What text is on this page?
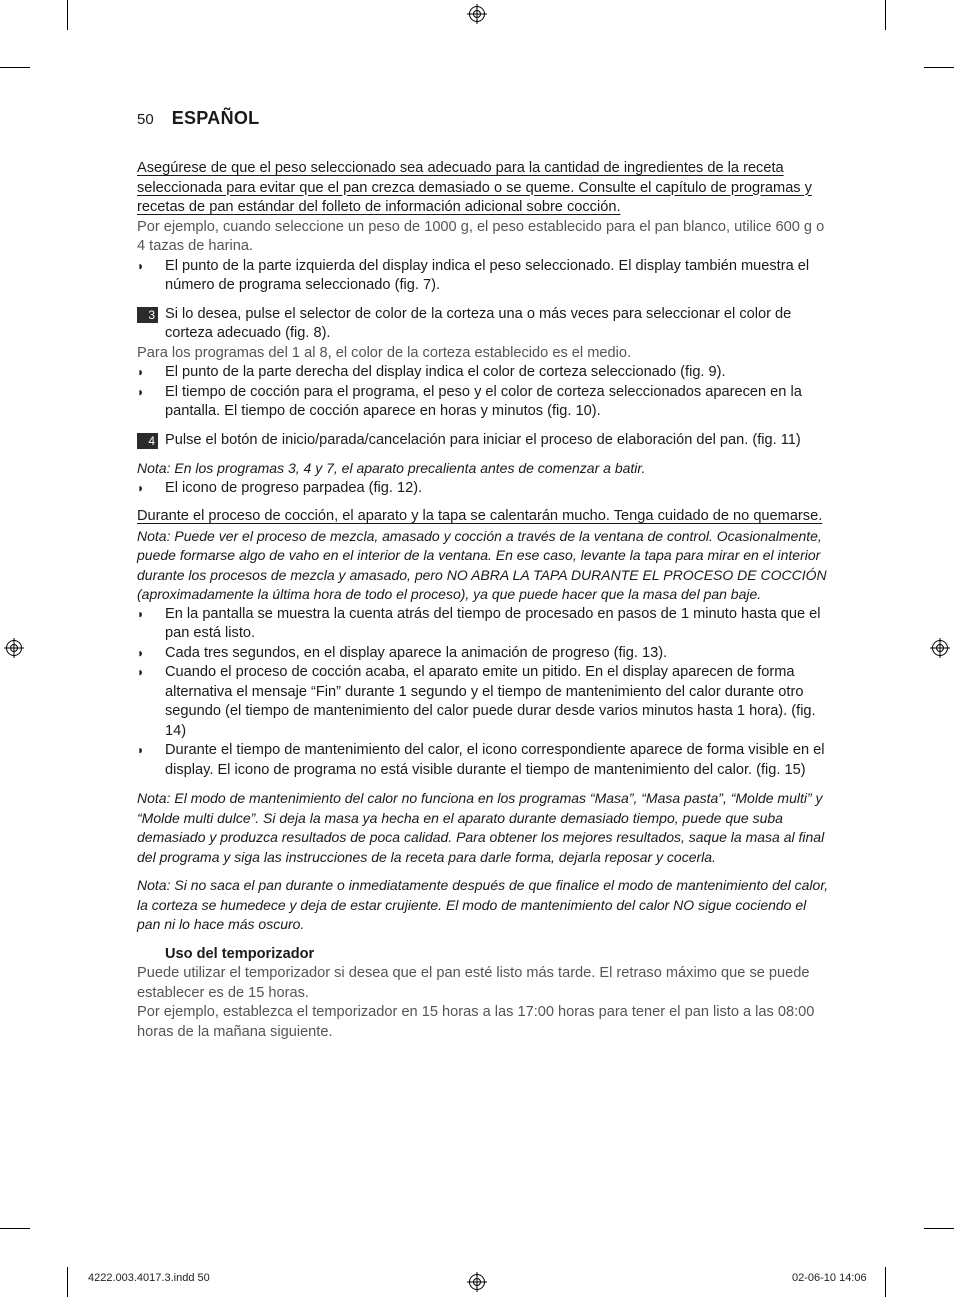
50 ESPAÑOL

Asegúrese de que el peso seleccionado sea adecuado para la cantidad de ingredientes de la receta seleccionada para evitar que el pan crezca demasiado o se queme. Consulte el capítulo de programas y recetas de pan estándar del folleto de información adicional sobre cocción.

Por ejemplo, cuando seleccione un peso de 1000 g, el peso establecido para el pan blanco, utilice 600 g o 4 tazas de harina.

◗ El punto de la parte izquierda del display indica el peso seleccionado. El display también muestra el número de programa seleccionado (fig. 7).
3 Si lo desea, pulse el selector de color de la corteza una o más veces para seleccionar el color de corteza adecuado (fig. 8).

Para los programas del 1 al 8, el color de la corteza establecido es el medio.

◗ El punto de la parte derecha del display indica el color de corteza seleccionado (fig. 9).
◗ El tiempo de cocción para el programa, el peso y el color de corteza seleccionados aparecen en la pantalla. El tiempo de cocción aparece en horas y minutos (fig. 10).
4 Pulse el botón de inicio/parada/cancelación para iniciar el proceso de elaboración del pan. (fig. 11)

Nota: En los programas 3, 4 y 7, el aparato precalienta antes de comenzar a batir.

◗ El icono de progreso parpadea (fig. 12).

Durante el proceso de cocción, el aparato y la tapa se calentarán mucho. Tenga cuidado de no quemarse.

Nota: Puede ver el proceso de mezcla, amasado y cocción a través de la ventana de control. Ocasionalmente, puede formarse algo de vaho en el interior de la ventana. En ese caso, levante la tapa para mirar en el interior durante los procesos de mezcla y amasado, pero NO ABRA LA TAPA DURANTE EL PROCESO DE COCCIÓN (aproximadamente la última hora de todo el proceso), ya que puede hacer que la masa del pan baje.

◗ En la pantalla se muestra la cuenta atrás del tiempo de procesado en pasos de 1 minuto hasta que el pan está listo.
◗ Cada tres segundos, en el display aparece la animación de progreso (fig. 13).
◗ Cuando el proceso de cocción acaba, el aparato emite un pitido. En el display aparecen de forma alternativa el mensaje “Fin” durante 1 segundo y el tiempo de mantenimiento del calor durante otro segundo (el tiempo de mantenimiento del calor puede durar desde varios minutos hasta 1 hora). (fig. 14)
◗ Durante el tiempo de mantenimiento del calor, el icono correspondiente aparece de forma visible en el display. El icono de programa no está visible durante el tiempo de mantenimiento del calor. (fig. 15)

Nota: El modo de mantenimiento del calor no funciona en los programas “Masa”, “Masa pasta”, “Molde multi” y “Molde multi dulce”. Si deja la masa ya hecha en el aparato durante demasiado tiempo, puede que suba demasiado y produzca resultados de poca calidad. Para obtener los mejores resultados, saque la masa al final del programa y siga las instrucciones de la receta para darle forma, dejarla reposar y cocerla.

Nota: Si no saca el pan durante o inmediatamente después de que finalice el modo de mantenimiento del calor, la corteza se humedece y deja de estar crujiente. El modo de mantenimiento del calor NO sigue cociendo el pan ni lo hace más oscuro.

Uso del temporizador

Puede utilizar el temporizador si desea que el pan esté listo más tarde. El retraso máximo que se puede establecer es de 15 horas.

Por ejemplo, establezca el temporizador en 15 horas a las 17:00 horas para tener el pan listo a las 08:00 horas de la mañana siguiente.

4222.003.4017.3.indd 50	02-06-10 14:06
